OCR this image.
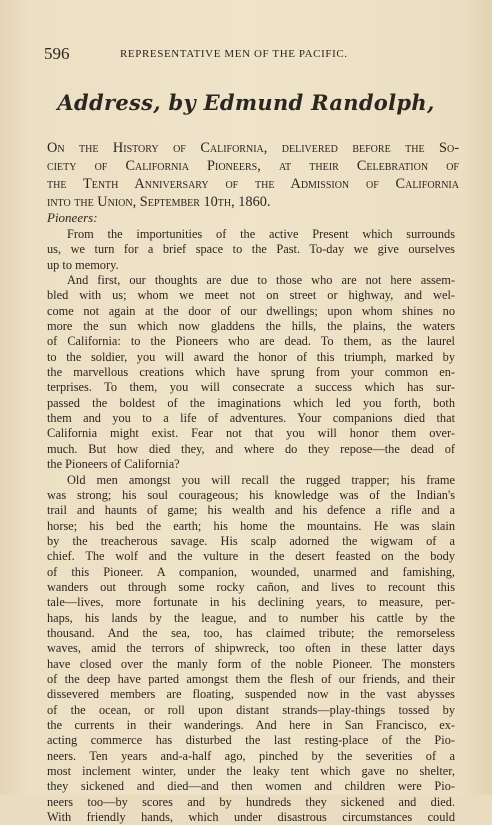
596	REPRESENTATIVE MEN OF THE PACIFIC.
Address, by Edmund Randolph,
On the History of California, delivered before the So-
ciety of California Pioneers, at their Celebration of
the Tenth Anniversary of the Admission of California
into the Union, September 10th, 1860.
Pioneers:
From the importunities of the active Present which surrounds
us, we turn for a brief space to the Past. To-day we give ourselves
up to memory.
And first, our thoughts are due to those who are not here assem-
bled with us; whom we meet not on street or highway, and wel-
come not again at the door of our dwellings; upon whom shines no
more the sun which now gladdens the hills, the plains, the waters
of California: to the Pioneers who are dead. To them, as the laurel
to the soldier, you will award the honor of this triumph, marked by
the marvellous creations which have sprung from your common en-
terprises. To them, you will consecrate a success which has sur-
passed the boldest of the imaginations which led you forth, both
them and you to a life of adventures. Your companions died that
California might exist. Fear not that you will honor them over-
much. But how died they, and where do they repose—the dead of
the Pioneers of California?
Old men amongst you will recall the rugged trapper; his frame
was strong; his soul courageous; his knowledge was of the Indian's
trail and haunts of game; his wealth and his defence a rifle and a
horse; his bed the earth; his home the mountains. He was slain
by the treacherous savage. His scalp adorned the wigwam of a
chief. The wolf and the vulture in the desert feasted on the body
of this Pioneer. A companion, wounded, unarmed and famishing,
wanders out through some rocky cañon, and lives to recount this
tale—lives, more fortunate in his declining years, to measure, per-
haps, his lands by the league, and to number his cattle by the
thousand. And the sea, too, has claimed tribute; the remorseless
waves, amid the terrors of shipwreck, too often in these latter days
have closed over the manly form of the noble Pioneer. The monsters
of the deep have parted amongst them the flesh of our friends, and their
dissevered members are floating, suspended now in the vast abysses
of the ocean, or roll upon distant strands—play-things tossed by
the currents in their wanderings. And here in San Francisco, ex-
acting commerce has disturbed the last resting-place of the Pio-
neers. Ten years and-a-half ago, pinched by the severities of a
most inclement winter, under the leaky tent which gave no shelter,
they sickened and died—and then women and children were Pio-
neers too—by scores and by hundreds they sickened and died.
With friendly hands, which under disastrous circumstances could
